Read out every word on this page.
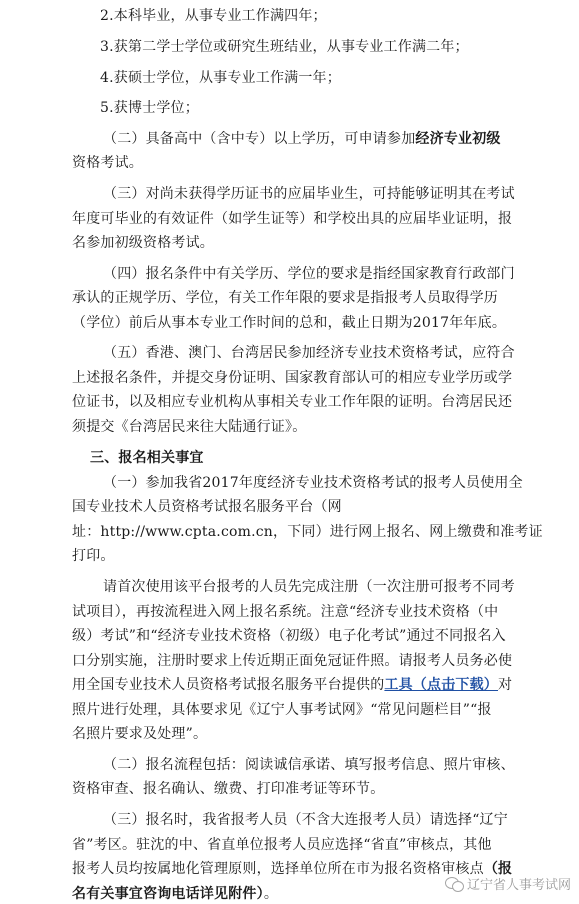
2.本科毕业，从事专业工作满四年；
3.获第二学士学位或研究生班结业，从事专业工作满二年；
4.获硕士学位，从事专业工作满一年；
5.获博士学位；
（二）具备高中（含中专）以上学历，可申请参加经济专业初级
资格考试。
（三）对尚未获得学历证书的应届毕业生，可持能够证明其在考试
年度可毕业的有效证件（如学生证等）和学校出具的应届毕业证明，报
名参加初级资格考试。
（四）报名条件中有关学历、学位的要求是指经国家教育行政部门
承认的正规学历、学位，有关工作年限的要求是指报考人员取得学历
（学位）前后从事本专业工作时间的总和，截止日期为2017年年底。
（五）香港、澳门、台湾居民参加经济专业技术资格考试，应符合
上述报名条件，并提交身份证明、国家教育部认可的相应专业学历或学
位证书，以及相应专业机构从事相关专业工作年限的证明。台湾居民还
须提交《台湾居民来往大陆通行证》。
三、报名相关事宜
（一）参加我省2017年度经济专业技术资格考试的报考人员使用全
国专业技术人员资格考试报名服务平台（网
址：http://www.cpta.com.cn，下同）进行网上报名、网上缴费和准考证
打印。
请首次使用该平台报考的人员先完成注册（一次注册可报考不同考
试项目），再按流程进入网上报名系统。注意“经济专业技术资格（中
级）考试”和“经济专业技术资格（初级）电子化考试”通过不同报名入
口分别实施，注册时要求上传近期正面免冠证件照。请报考人员务必使
用全国专业技术人员资格考试报名服务平台提供的工具（点击下载）对
照片进行处理，具体要求见《辽宁人事考试网》“常见问题栏目”“报
名照片要求及处理”。
（二）报名流程包括：阅读诚信承诺、填写报考信息、照片审核、
资格审查、报名确认、缴费、打印准考证等环节。
（三）报名时，我省报考人员（不含大连报考人员）请选择“辽宁
省”考区。驻沈的中、省直单位报考人员应选择“省直”审核点，其他
报考人员均按属地化管理原则，选择单位所在市为报名资格审核点（报
名有关事宜咨询电话详见附件）。
辽宁省人事考试网
